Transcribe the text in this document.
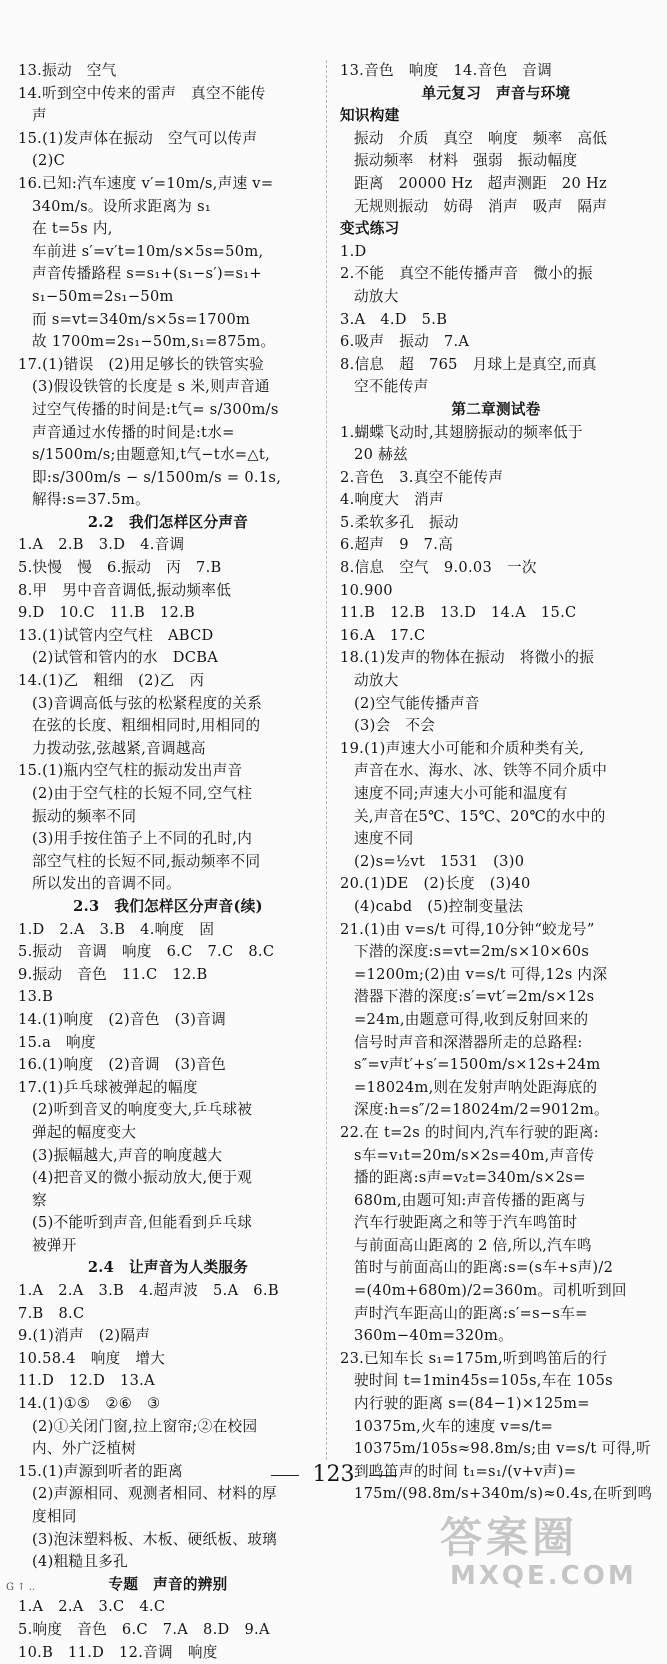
13.振动　空气
14.听到空中传来的雷声　真空不能传
声
15.(1)发声体在振动　空气可以传声
(2)C
16.已知:汽车速度 v′=10m/s,声速 v=
340m/s。设所求距离为 s₁
在 t=5s 内,
车前进 s′=v′t=10m/s×5s=50m,
声音传播路程 s=s₁+(s₁−s′)=s₁+
s₁−50m=2s₁−50m
而 s=vt=340m/s×5s=1700m
故 1700m=2s₁−50m,s₁=875m。
17.(1)错误　(2)用足够长的铁管实验
(3)假设铁管的长度是 s 米,则声音通
过空气传播的时间是:t气= s/300m/s
声音通过水传播的时间是:t水=
s/1500m/s;由题意知,t气−t水=△t,
即:s/300m/s − s/1500m/s = 0.1s,
解得:s=37.5m。
2.2　我们怎样区分声音
1.A　2.B　3.D　4.音调
5.快慢　慢　6.振动　丙　7.B
8.甲　男中音音调低,振动频率低
9.D　10.C　11.B　12.B
13.(1)试管内空气柱　ABCD
(2)试管和管内的水　DCBA
14.(1)乙　粗细　(2)乙　丙
(3)音调高低与弦的松紧程度的关系
在弦的长度、粗细相同时,用相同的
力拨动弦,弦越紧,音调越高
15.(1)瓶内空气柱的振动发出声音
(2)由于空气柱的长短不同,空气柱
振动的频率不同
(3)用手按住笛子上不同的孔时,内
部空气柱的长短不同,振动频率不同
所以发出的音调不同。
2.3　我们怎样区分声音(续)
1.D　2.A　3.B　4.响度　固
5.振动　音调　响度　6.C　7.C　8.C
9.振动　音色　11.C　12.B
13.B
14.(1)响度　(2)音色　(3)音调
15.a　响度
16.(1)响度　(2)音调　(3)音色
17.(1)乒乓球被弹起的幅度
(2)听到音叉的响度变大,乒乓球被
弹起的幅度变大
(3)振幅越大,声音的响度越大
(4)把音叉的微小振动放大,便于观
察
(5)不能听到声音,但能看到乒乓球
被弹开
2.4　让声音为人类服务
1.A　2.A　3.B　4.超声波　5.A　6.B
7.B　8.C
9.(1)消声　(2)隔声
10.58.4　响度　增大
11.D　12.D　13.A
14.(1)①⑤　②⑥　③
(2)①关闭门窗,拉上窗帘;②在校园
内、外广泛植树
15.(1)声源到听者的距离
(2)声源相同、观测者相同、材料的厚
度相同
(3)泡沫塑料板、木板、硬纸板、玻璃
(4)粗糙且多孔
专题　声音的辨别
1.A　2.A　3.C　4.C
5.响度　音色　6.C　7.A　8.D　9.A
10.B　11.D　12.音调　响度
13.音色　响度　14.音色　音调
单元复习　声音与环境
知识构建
振动　介质　真空　响度　频率　高低
振动频率　材料　强弱　振动幅度
距离　20000 Hz　超声测距　20 Hz
无规则振动　妨碍　消声　吸声　隔声
变式练习
1.D
2.不能　真空不能传播声音　微小的振
动放大
3.A　4.D　5.B
6.吸声　振动　7.A
8.信息　超　765　月球上是真空,而真
空不能传声
第二章测试卷
1.蝴蝶飞动时,其翅膀振动的频率低于
20 赫兹
2.音色　3.真空不能传声
4.响度大　消声
5.柔软多孔　振动
6.超声　9　7.高
8.信息　空气　9.0.03　一次
10.900
11.B　12.B　13.D　14.A　15.C
16.A　17.C
18.(1)发声的物体在振动　将微小的振
动放大
(2)空气能传播声音
(3)会　不会
19.(1)声速大小可能和介质种类有关,
声音在水、海水、冰、铁等不同介质中
速度不同;声速大小可能和温度有
关,声音在5℃、15℃、20℃的水中的
速度不同
(2)s=½vt　1531　(3)0
20.(1)DE　(2)长度　(3)40
(4)cabd　(5)控制变量法
21.(1)由 v=s/t 可得,10分钟“蛟龙号”
下潜的深度:s=vt=2m/s×10×60s
=1200m;(2)由 v=s/t 可得,12s 内深
潜器下潜的深度:s′=vt′=2m/s×12s
=24m,由题意可得,收到反射回来的
信号时声音和深潜器所走的总路程:
s″=v声t′+s′=1500m/s×12s+24m
=18024m,则在发射声呐处距海底的
深度:h=s″/2=18024m/2=9012m。
22.在 t=2s 的时间内,汽车行驶的距离:
s车=v₁t=20m/s×2s=40m,声音传
播的距离:s声=v₂t=340m/s×2s=
680m,由题可知:声音传播的距离与
汽车行驶距离之和等于汽车鸣笛时
与前面高山距离的 2 倍,所以,汽车鸣
笛时与前面高山的距离:s=(s车+s声)/2
=(40m+680m)/2=360m。司机听到回
声时汽车距高山的距离:s′=s−s车=
360m−40m=320m。
23.已知车长 s₁=175m,听到鸣笛后的行
驶时间 t=1min45s=105s,车在 105s
内行驶的距离 s=(84−1)×125m=
10375m,火车的速度 v=s/t=
10375m/105s≈98.8m/s;由 v=s/t 可得,听
到鸣笛声的时间 t₁=s₁/(v+v声)=
175m/(98.8m/s+340m/s)≈0.4s,在听到鸣
123
答案圈
MXQE.COM
G ↑ ..
